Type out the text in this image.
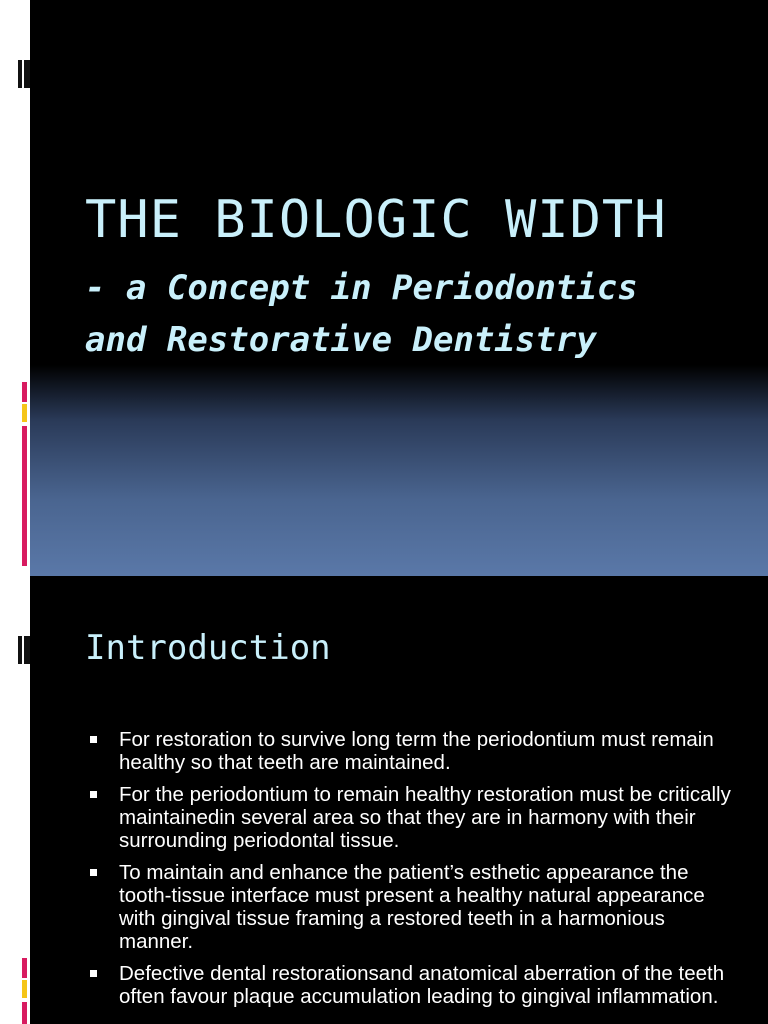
THE BIOLOGIC WIDTH
- a Concept in Periodontics
and Restorative Dentistry
Introduction
For restoration to survive long term the periodontium must remain healthy so that teeth are maintained.
For the periodontium to remain healthy restoration must be critically maintainedin several area so that they are in harmony with their surrounding periodontal tissue.
To maintain and enhance the patient’s esthetic appearance the tooth-tissue interface must present a healthy natural appearance with gingival tissue framing a restored teeth in a harmonious manner.
Defective dental restorationsand anatomical aberration of the teeth often favour plaque accumulation leading to gingival inflammation.
